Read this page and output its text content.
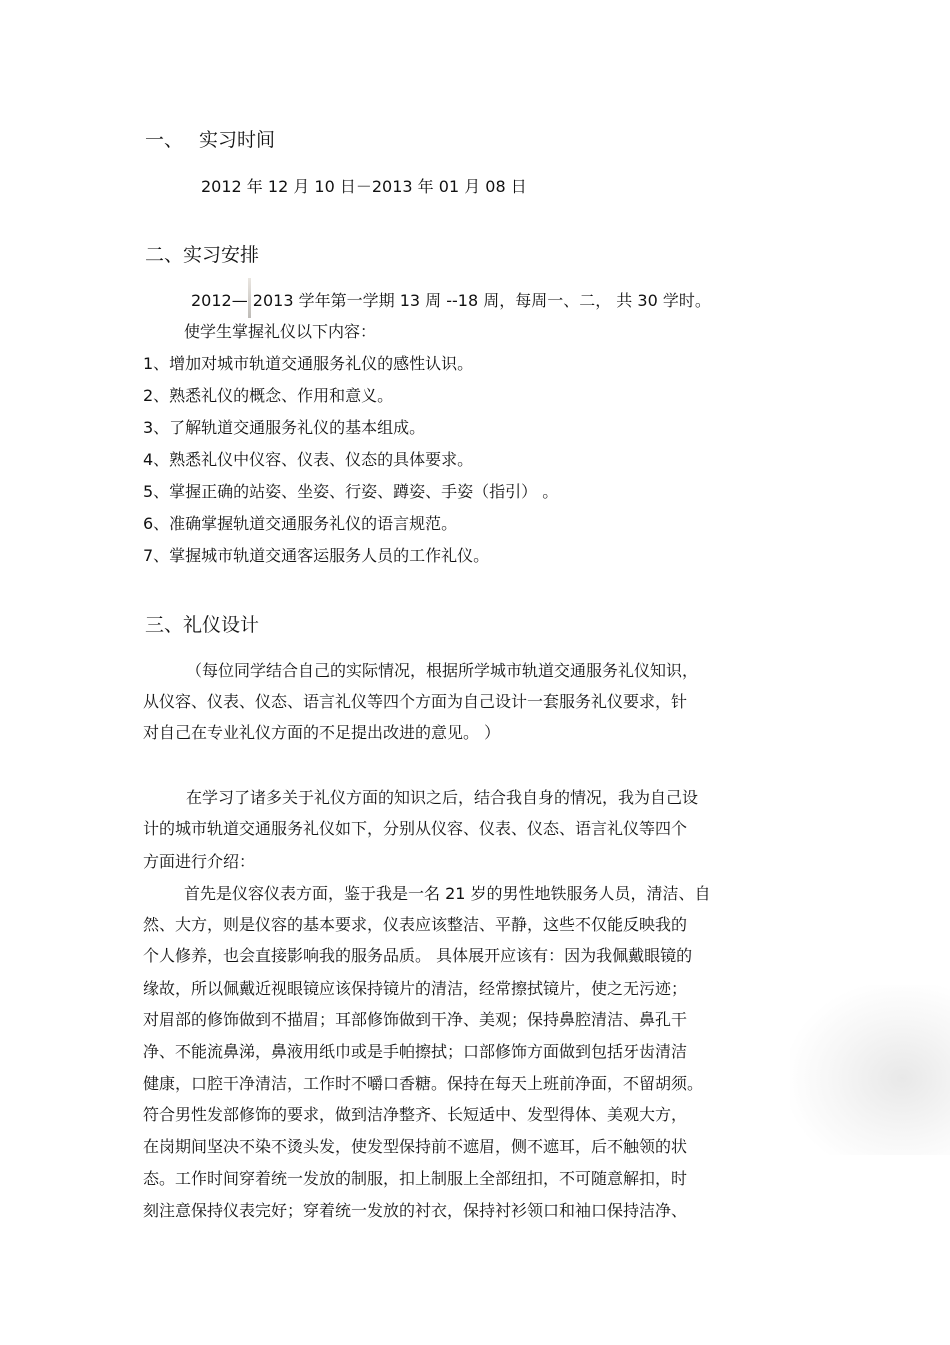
一、 实习时间
2012 年 12 月 10 日－2013 年 01 月 08 日
二、实习安排
2012— 2013 学年第一学期 13 周 --18 周，每周一、二， 共 30 学时。
使学生掌握礼仪以下内容：
1、增加对城市轨道交通服务礼仪的感性认识。
2、熟悉礼仪的概念、作用和意义。
3、了解轨道交通服务礼仪的基本组成。
4、熟悉礼仪中仪容、仪表、仪态的具体要求。
5、掌握正确的站姿、坐姿、行姿、蹲姿、手姿（指引） 。
6、准确掌握轨道交通服务礼仪的语言规范。
7、掌握城市轨道交通客运服务人员的工作礼仪。
三、礼仪设计
（每位同学结合自己的实际情况，根据所学城市轨道交通服务礼仪知识，
从仪容、仪表、仪态、语言礼仪等四个方面为自己设计一套服务礼仪要求，针
对自己在专业礼仪方面的不足提出改进的意见。 ）
在学习了诸多关于礼仪方面的知识之后，结合我自身的情况，我为自己设
计的城市轨道交通服务礼仪如下，分别从仪容、仪表、仪态、语言礼仪等四个
方面进行介绍：
首先是仪容仪表方面，鉴于我是一名 21 岁的男性地铁服务人员，清洁、自
然、大方，则是仪容的基本要求，仪表应该整洁、平静，这些不仅能反映我的
个人修养，也会直接影响我的服务品质。 具体展开应该有：因为我佩戴眼镜的
缘故，所以佩戴近视眼镜应该保持镜片的清洁，经常擦拭镜片，使之无污迹；
对眉部的修饰做到不描眉；耳部修饰做到干净、美观；保持鼻腔清洁、鼻孔干
净、不能流鼻涕，鼻液用纸巾或是手帕擦拭；口部修饰方面做到包括牙齿清洁
健康，口腔干净清洁，工作时不嚼口香糖。保持在每天上班前净面，不留胡须。
符合男性发部修饰的要求，做到洁净整齐、长短适中、发型得体、美观大方，
在岗期间坚决不染不烫头发，使发型保持前不遮眉，侧不遮耳，后不触领的状
态。工作时间穿着统一发放的制服，扣上制服上全部纽扣，不可随意解扣，时
刻注意保持仪表完好；穿着统一发放的衬衣，保持衬衫领口和袖口保持洁净、
